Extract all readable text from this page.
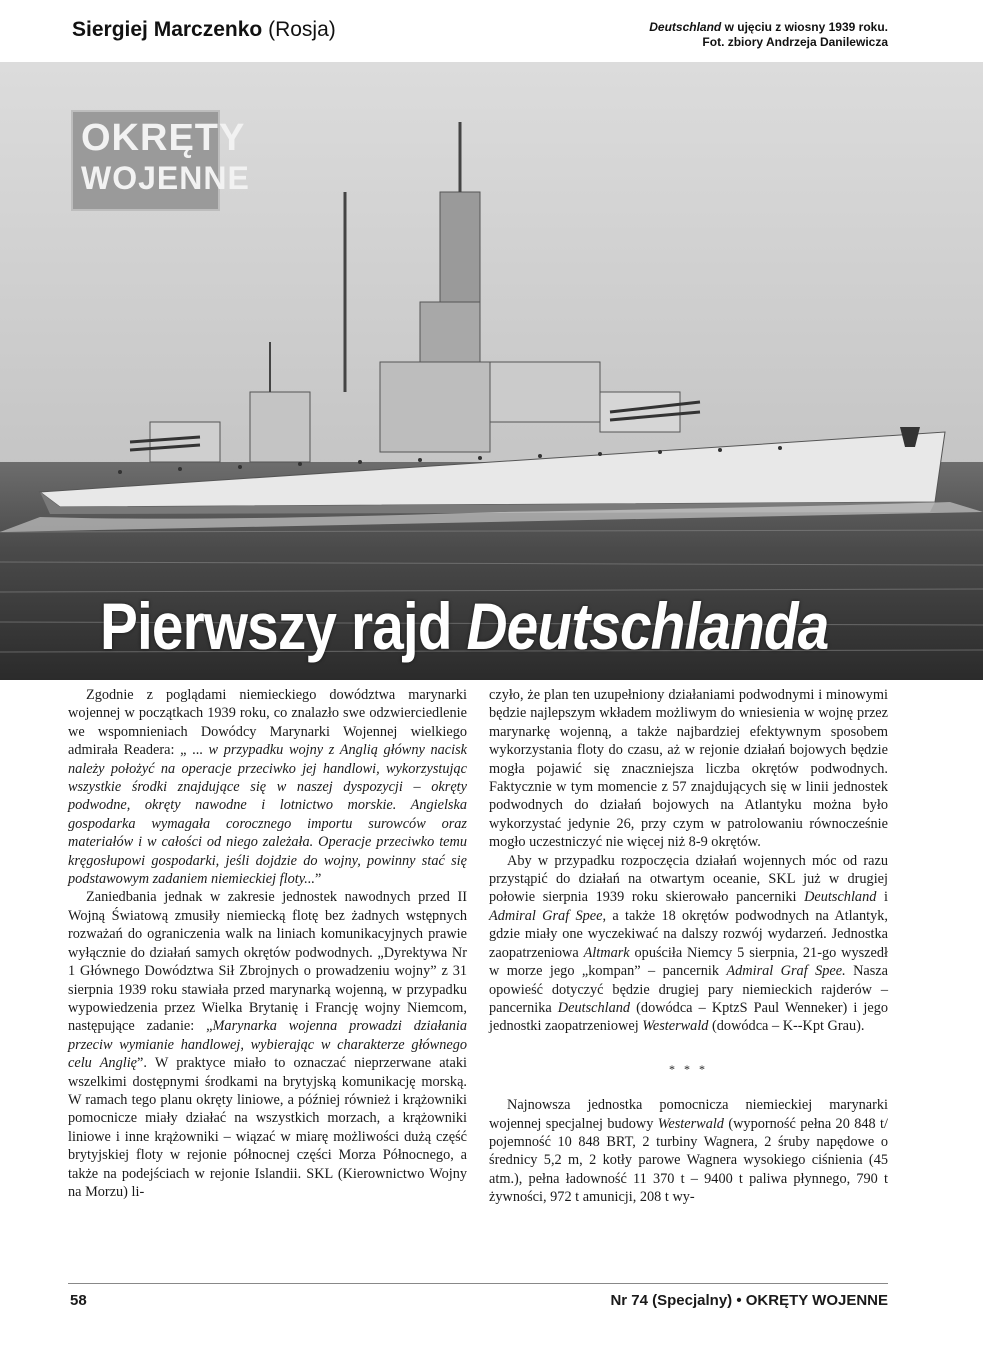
Siergiej Marczenko (Rosja)	Deutschland w ujęciu z wiosny 1939 roku.
Fot. zbiory Andrzeja Danilewicza
OKRĘTY
WOJENNE
Pierwszy rajd Deutschlanda

Zgodnie z poglądami niemieckiego dowództwa marynarki wojennej w początkach 1939 roku, co znalazło swe odzwierciedlenie we wspomnieniach Dowódcy Marynarki Wojennej wielkiego admirała Readera: „ ... w przypadku wojny z Anglią główny nacisk należy położyć na operacje przeciwko jej handlowi, wykorzystując wszystkie środki znajdujące się w naszej dyspozycji – okręty podwodne, okręty nawodne i lotnictwo morskie. Angielska gospodarka wymagała corocznego importu surowców oraz materiałów i w całości od niego zależała. Operacje przeciwko temu kręgosłupowi gospodarki, jeśli dojdzie do wojny, powinny stać się podstawowym zadaniem niemieckiej floty...”

Zaniedbania jednak w zakresie jednostek nawodnych przed II Wojną Światową zmusiły niemiecką flotę bez żadnych wstępnych rozważań do ograniczenia walk na liniach komunikacyjnych prawie wyłącznie do działań samych okrętów podwodnych. „Dyrektywa Nr 1 Głównego Dowództwa Sił Zbrojnych o prowadzeniu wojny” z 31 sierpnia 1939 roku stawiała przed marynarką wojenną, w przypadku wypowiedzenia przez Wielka Brytanię i Francję wojny Niemcom, następujące zadanie: „Marynarka wojenna prowadzi działania przeciw wymianie handlowej, wybierając w charakterze głównego celu Anglię”. W praktyce miało to oznaczać nieprzerwane ataki wszelkimi dostępnymi środkami na brytyjską komunikację morską. W ramach tego planu okręty liniowe, a później również i krążowniki pomocnicze miały działać na wszystkich morzach, a krążowniki liniowe i inne krążowniki – wiązać w miarę możliwości dużą część brytyjskiej floty w rejonie północnej części Morza Północnego, a także na podejściach w rejonie Islandii. SKL (Kierownictwo Wojny na Morzu) li-

czyło, że plan ten uzupełniony działaniami podwodnymi i minowymi będzie najlepszym wkładem możliwym do wniesienia w wojnę przez marynarkę wojenną, a także najbardziej efektywnym sposobem wykorzystania floty do czasu, aż w rejonie działań bojowych będzie mogła pojawić się znaczniejsza liczba okrętów podwodnych. Faktycznie w tym momencie z 57 znajdujących się w linii jednostek podwodnych do działań bojowych na Atlantyku można było wykorzystać jedynie 26, przy czym w patrolowaniu równocześnie mogło uczestniczyć nie więcej niż 8-9 okrętów.

Aby w przypadku rozpoczęcia działań wojennych móc od razu przystąpić do działań na otwartym oceanie, SKL już w drugiej połowie sierpnia 1939 roku skierowało pancerniki Deutschland i Admiral Graf Spee, a także 18 okrętów podwodnych na Atlantyk, gdzie miały one wyczekiwać na dalszy rozwój wydarzeń. Jednostka zaopatrzeniowa Altmark opuściła Niemcy 5 sierpnia, 21-go wyszedł w morze jego „kompan” – pancernik Admiral Graf Spee. Nasza opowieść dotyczyć będzie drugiej pary niemieckich rajderów – pancernika Deutschland (dowódca – KptzS Paul Wenneker) i jego jednostki zaopatrzeniowej Westerwald (dowódca – K--Kpt Grau).

* * *

Najnowsza jednostka pomocnicza niemieckiej marynarki wojennej specjalnej budowy Westerwald (wyporność pełna 20 848 t/ pojemność 10 848 BRT, 2 turbiny Wagnera, 2 śruby napędowe o średnicy 5,2 m, 2 kotły parowe Wagnera wysokiego ciśnienia (45 atm.), pełna ładowność 11 370 t – 9400 t paliwa płynnego, 790 t żywności, 972 t amunicji, 208 t wy-

58	Nr 74 (Specjalny) • OKRĘTY WOJENNE
